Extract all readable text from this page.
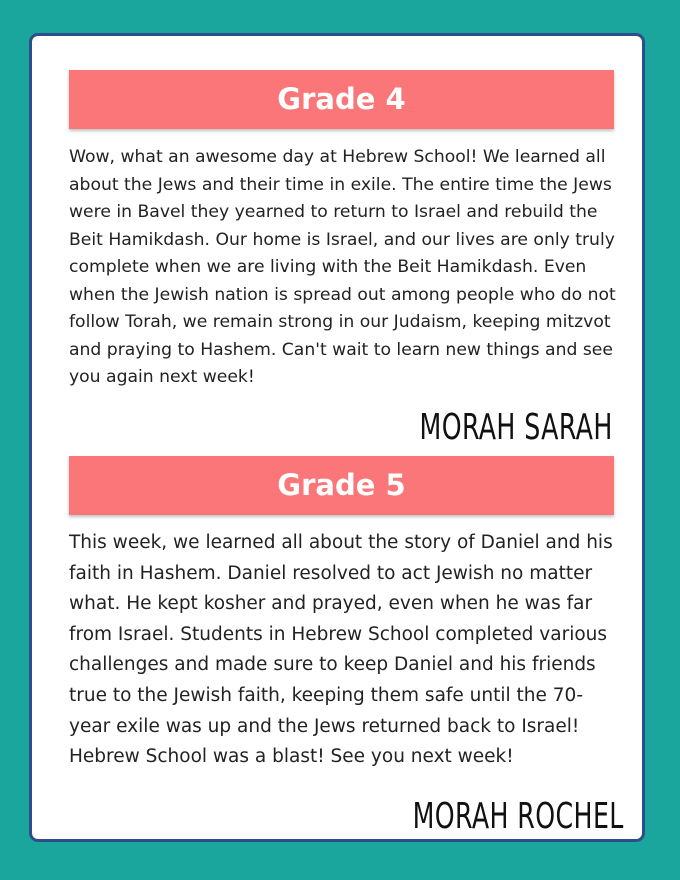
Grade 4

Wow, what an awesome day at Hebrew School! We learned all about the Jews and their time in exile. The entire time the Jews were in Bavel they yearned to return to Israel and rebuild the Beit Hamikdash. Our home is Israel, and our lives are only truly complete when we are living with the Beit Hamikdash. Even when the Jewish nation is spread out among people who do not follow Torah, we remain strong in our Judaism, keeping mitzvot and praying to Hashem. Can't wait to learn new things and see you again next week!

MORAH SARAH
Grade 5

This week, we learned all about the story of Daniel and his faith in Hashem. Daniel resolved to act Jewish no matter what. He kept kosher and prayed, even when he was far from Israel. Students in Hebrew School completed various challenges and made sure to keep Daniel and his friends true to the Jewish faith, keeping them safe until the 70- year exile was up and the Jews returned back to Israel! Hebrew School was a blast! See you next week!

MORAH ROCHEL
